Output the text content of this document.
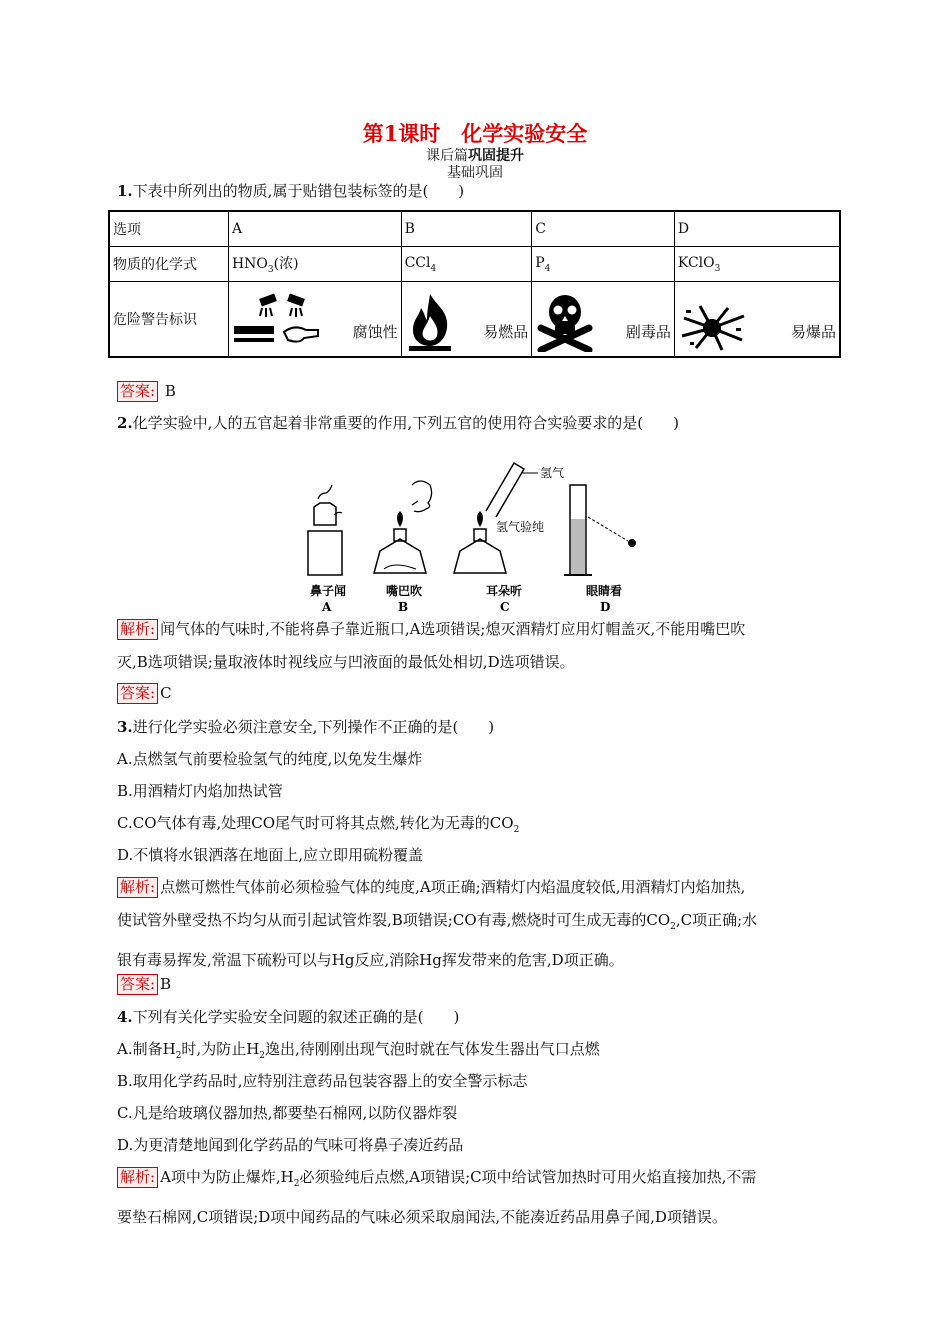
第1课时　化学实验安全
课后篇巩固提升
基础巩固
1.下表中所列出的物质,属于贴错包装标签的是(　　)
选项	A	B	C	D
物质的化学式	$HNO_3$(浓)	CCl$_4$	$P_4$	KClO$_3$
危险警告标识	腐蚀性	易燃品	剧毒品	易爆品
答案: B
2.化学实验中,人的五官起着非常重要的作用,下列五官的使用符合实验要求的是(　　)
氢气
氢气验纯
鼻子闻
A
嘴巴吹
B
耳朵听
C
眼睛看
D
解析: 闻气体的气味时,不能将鼻子靠近瓶口,A选项错误;熄灭酒精灯应用灯帽盖灭,不能用嘴巴吹
灭,B选项错误;量取液体时视线应与凹液面的最低处相切,D选项错误。
答案: C
3.进行化学实验必须注意安全,下列操作不正确的是(　　)
A.点燃氢气前要检验氢气的纯度,以免发生爆炸
B.用酒精灯内焰加热试管
C.CO气体有毒,处理CO尾气时可将其点燃,转化为无毒的$CO_2$
D.不慎将水银洒落在地面上,应立即用硫粉覆盖
解析: 点燃可燃性气体前必须检验气体的纯度,A项正确;酒精灯内焰温度较低,用酒精灯内焰加热,
使试管外壁受热不均匀从而引起试管炸裂,B项错误;CO有毒,燃烧时可生成无毒的$CO_2,C$项正确;水
银有毒易挥发,常温下硫粉可以与Hg反应,消除Hg挥发带来的危害,D项正确。
答案: B
4.下列有关化学实验安全问题的叙述正确的是(　　)
A.制备$H_2$时,为防止$H_2$逸出,待刚刚出现气泡时就在气体发生器出气口点燃
B.取用化学药品时,应特别注意药品包装容器上的安全警示标志
C.凡是给玻璃仪器加热,都要垫石棉网,以防仪器炸裂
D.为更清楚地闻到化学药品的气味可将鼻子凑近药品
解析: A项中为防止爆炸$,H_2$必须验纯后点燃,A项错误;C项中给试管加热时可用火焰直接加热,不需
要垫石棉网,C项错误;D项中闻药品的气味必须采取扇闻法,不能凑近药品用鼻子闻,D项错误。
